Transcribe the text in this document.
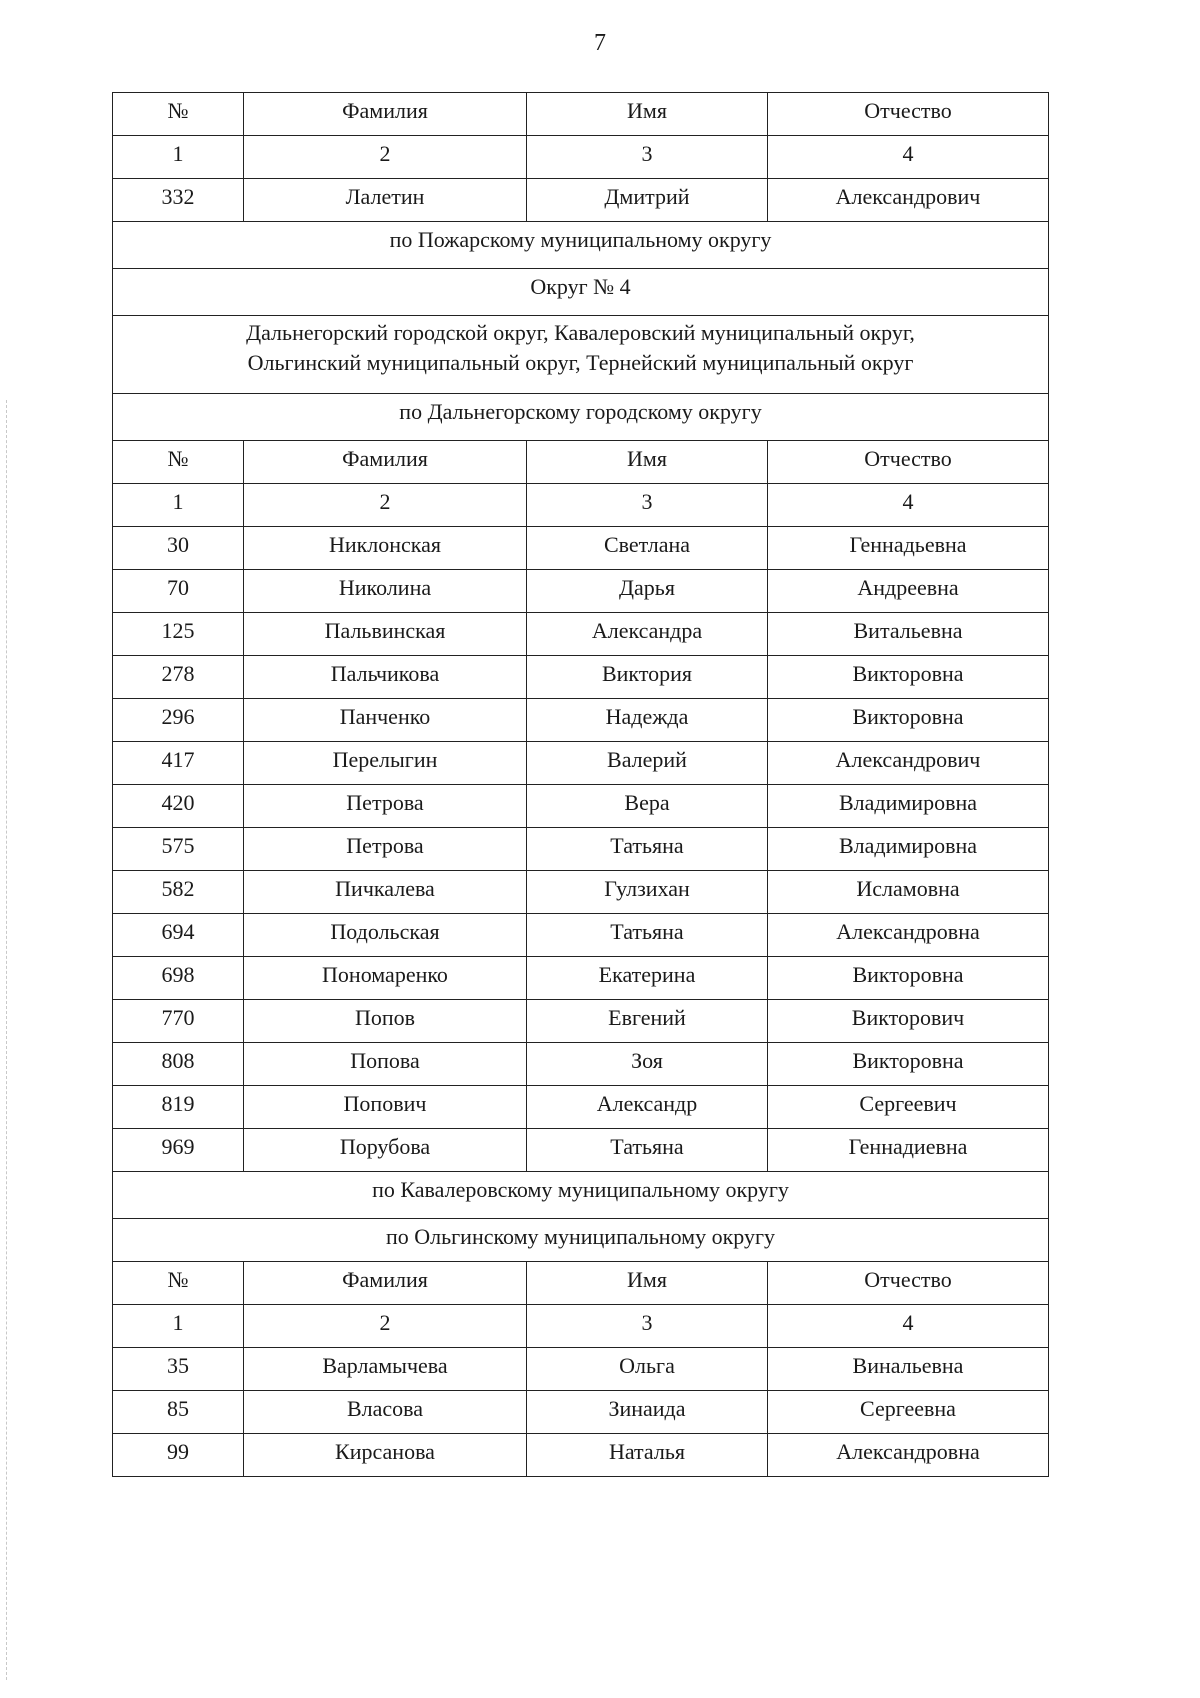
7
№	Фамилия	Имя	Отчество
1	2	3	4
332	Лалетин	Дмитрий	Александрович
по Пожарскому муниципальному округу			
Округ № 4			

Дальнегорский городской округ, Кавалеровский муниципальный округ,
Ольгинский муниципальный округ, Тернейский муниципальный округ			

по Дальнегорскому городскому округу			
№	Фамилия	Имя	Отчество
1	2	3	4
30	Никлонская	Светлана	Геннадьевна
70	Николина	Дарья	Андреевна
125	Пальвинская	Александра	Витальевна
278	Пальчикова	Виктория	Викторовна
296	Панченко	Надежда	Викторовна
417	Перелыгин	Валерий	Александрович
420	Петрова	Вера	Владимировна
575	Петрова	Татьяна	Владимировна
582	Пичкалева	Гулзихан	Исламовна
694	Подольская	Татьяна	Александровна
698	Пономаренко	Екатерина	Викторовна
770	Попов	Евгений	Викторович
808	Попова	Зоя	Викторовна
819	Попович	Александр	Сергеевич
969	Порубова	Татьяна	Геннадиевна
по Кавалеровскому муниципальному округу			
по Ольгинскому муниципальному округу			
№	Фамилия	Имя	Отчество
1	2	3	4
35	Варламычева	Ольга	Винальевна
85	Власова	Зинаида	Сергеевна
99	Кирсанова	Наталья	Александровна
